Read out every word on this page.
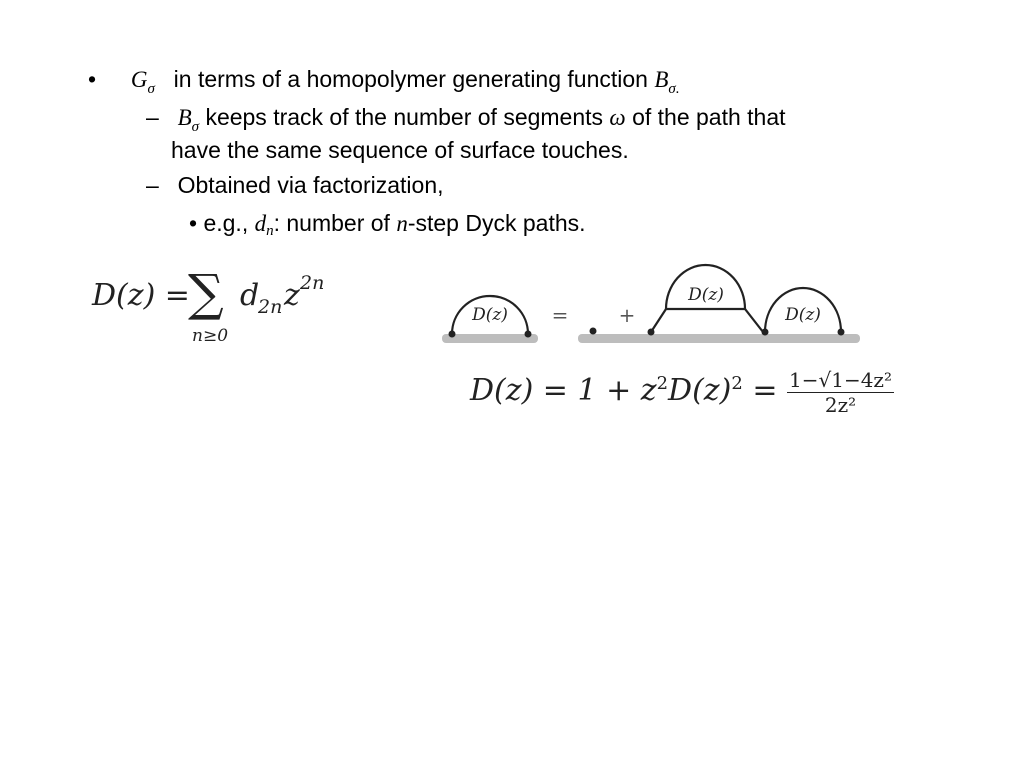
• $G_\sigma$ in terms of a homopolymer generating function $B_{\sigma.}$
– $B_\sigma$ keeps track of the number of segments ω of the path that
have the same sequence of surface touches.
– Obtained via factorization,
• e.g., dn: number of n-step Dyck paths.
D(z) =
∑
n≥0
d
2n z 2n
D(z) =	+
D(z)
D(z)
$D(z) = 1 + z^2D(z)^2 = \frac{\text{1−√1−4z²}}{\text{2z²}}$
